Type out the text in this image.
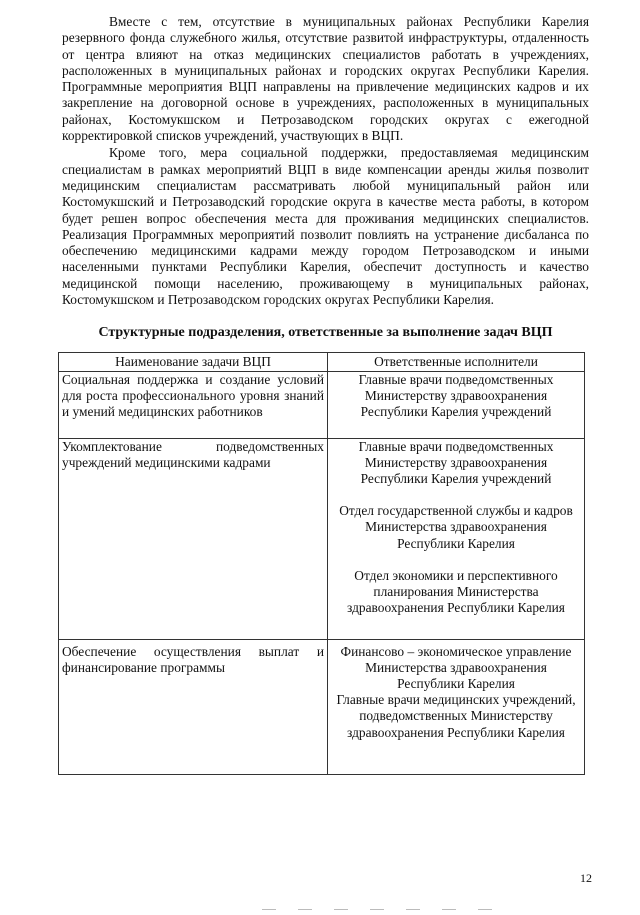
Вместе с тем, отсутствие в муниципальных районах Республики Карелия резервного фонда служебного жилья, отсутствие развитой инфраструктуры, отдаленность от центра влияют на отказ медицинских специалистов работать в учреждениях, расположенных в муниципальных районах и городских округах Республики Карелия. Программные мероприятия ВЦП направлены на привлечение медицинских кадров и их закрепление на договорной основе в учреждениях, расположенных в муниципальных районах, Костомукшском и Петрозаводском городских округах с ежегодной корректировкой списков учреждений, участвующих в ВЦП.

Кроме того, мера социальной поддержки, предоставляемая медицинским специалистам в рамках мероприятий ВЦП в виде компенсации аренды жилья позволит медицинским специалистам рассматривать любой муниципальный район или Костомукшский и Петрозаводский городские округа в качестве места работы, в котором будет решен вопрос обеспечения места для проживания медицинских специалистов. Реализация Программных мероприятий позволит повлиять на устранение дисбаланса по обеспечению медицинскими кадрами между городом Петрозаводском и иными населенными пунктами Республики Карелия, обеспечит доступность и качество медицинской помощи населению, проживающему в муниципальных районах, Костомукшском и Петрозаводском городских округах Республики Карелия.

Структурные подразделения, ответственные за выполнение задач ВЦП
Наименование задачи ВЦП	Ответственные исполнители
Социальная поддержка и создание условий для роста профессионального уровня знаний и умений медицинских работников	Главные врачи подведомственных Министерству здравоохранения Республики Карелия учреждений

Укомплектование подведомственных учреждений медицинскими кадрами	Главные врачи подведомственных Министерству здравоохранения Республики Карелия учреждений

Отдел государственной службы и кадров Министерства здравоохранения Республики Карелия

Отдел экономики и перспективного планирования Министерства здравоохранения Республики Карелия

Обеспечение осуществления выплат и финансирование программы	Финансово – экономическое управление Министерства здравоохранения Республики Карелия

Главные врачи медицинских учреждений, подведомственных Министерству здравоохранения Республики Карелия

12
